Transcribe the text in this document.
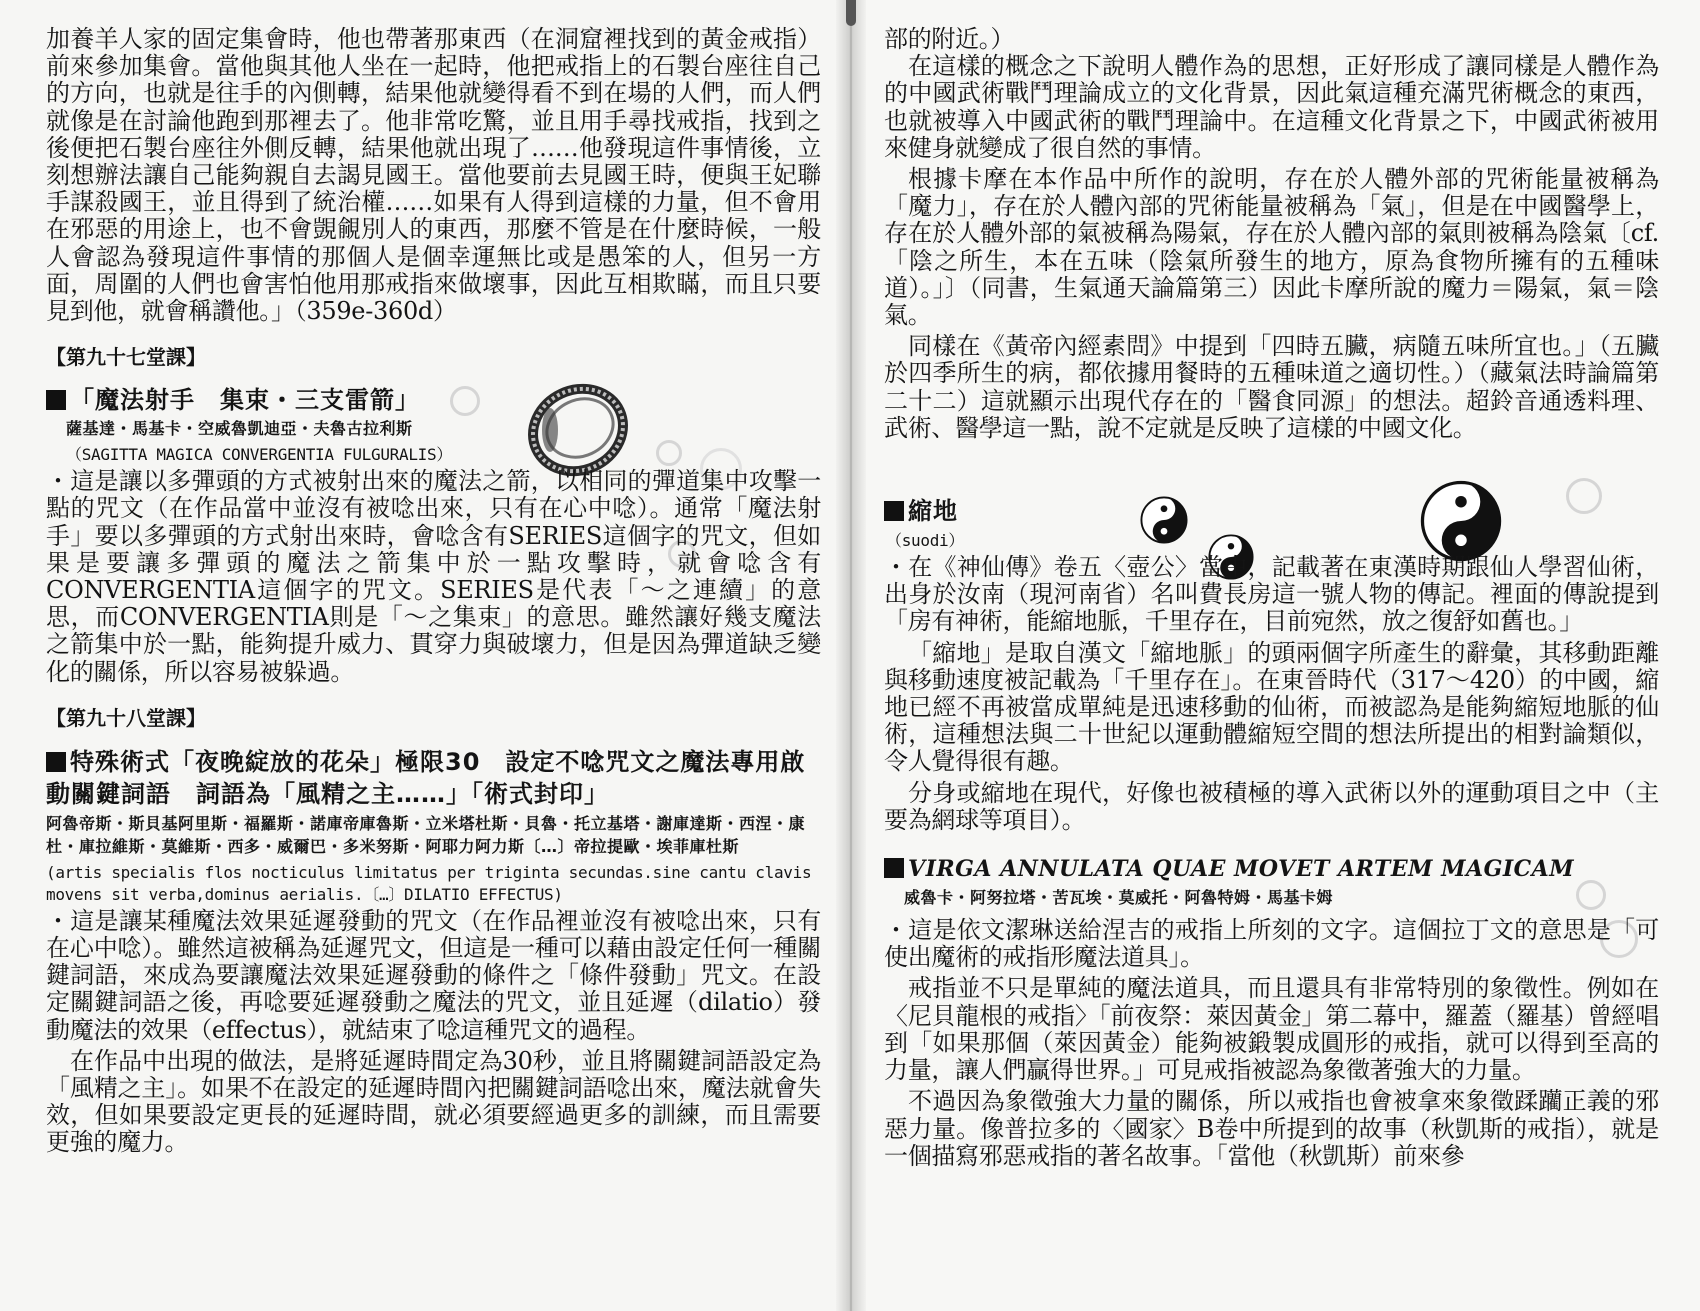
加養羊人家的固定集會時，他也帶著那東西（在洞窟裡找到的黃金戒指）前來參加集會。當他與其他人坐在一起時，他把戒指上的石製台座往自己的方向，也就是往手的內側轉，結果他就變得看不到在場的人們，而人們就像是在討論他跑到那裡去了。他非常吃驚，並且用手尋找戒指，找到之後便把石製台座往外側反轉，結果他就出現了……他發現這件事情後，立刻想辦法讓自己能夠親自去謁見國王。當他要前去見國王時，便與王妃聯手謀殺國王，並且得到了統治權……如果有人得到這樣的力量，但不會用在邪惡的用途上，也不會覬覦別人的東西，那麼不管是在什麼時候，一般人會認為發現這件事情的那個人是個幸運無比或是愚笨的人，但另一方面，周圍的人們也會害怕他用那戒指來做壞事，因此互相欺瞞，而且只要見到他，就會稱讚他。」（359e-360d）

【第九十七堂課】
「魔法射手　集束・三支雷箭」
薩基達・馬基卡・空威魯凱迪亞・夫魯古拉利斯
（SAGITTA MAGICA CONVERGENTIA FULGURALIS）

・這是讓以多彈頭的方式被射出來的魔法之箭，以相同的彈道集中攻擊一點的咒文（在作品當中並沒有被唸出來，只有在心中唸）。通常「魔法射手」要以多彈頭的方式射出來時，會唸含有SERIES這個字的咒文，但如果是要讓多彈頭的魔法之箭集中於一點攻擊時，就會唸含有CONVERGENTIA這個字的咒文。SERIES是代表「～之連續」的意思，而CONVERGENTIA則是「～之集束」的意思。雖然讓好幾支魔法之箭集中於一點，能夠提升威力、貫穿力與破壞力，但是因為彈道缺乏變化的關係，所以容易被躲過。

【第九十八堂課】
特殊術式「夜晚綻放的花朵」極限30　設定不唸咒文之魔法專用啟動關鍵詞語　詞語為「風精之主……」「術式封印」
阿魯帝斯・斯貝基阿里斯・福羅斯・諾庫帝庫魯斯・立米塔杜斯・貝魯・托立基塔・謝庫達斯・西涅・康杜・庫拉維斯・莫維斯・西多・威爾巴・多米努斯・阿耶力阿力斯〔…〕帝拉提歐・埃菲庫杜斯
(artis specialis flos nocticulus limitatus per triginta secundas.sine cantu clavis movens sit verba,dominus aerialis.〔…〕DILATIO EFFECTUS)

・這是讓某種魔法效果延遲發動的咒文（在作品裡並沒有被唸出來，只有在心中唸）。雖然這被稱為延遲咒文，但這是一種可以藉由設定任何一種關鍵詞語，來成為要讓魔法效果延遲發動的條件之「條件發動」咒文。在設定關鍵詞語之後，再唸要延遲發動之魔法的咒文，並且延遲（dilatio）發動魔法的效果（effectus），就結束了唸這種咒文的過程。

在作品中出現的做法，是將延遲時間定為30秒，並且將關鍵詞語設定為「風精之主」。如果不在設定的延遲時間內把關鍵詞語唸出來，魔法就會失效，但如果要設定更長的延遲時間，就必須要經過更多的訓練，而且需要更強的魔力。

部的附近。）

在這樣的概念之下說明人體作為的思想，正好形成了讓同樣是人體作為的中國武術戰鬥理論成立的文化背景，因此氣這種充滿咒術概念的東西，也就被導入中國武術的戰鬥理論中。在這種文化背景之下，中國武術被用來健身就變成了很自然的事情。

根據卡摩在本作品中所作的說明，存在於人體外部的咒術能量被稱為「魔力」，存在於人體內部的咒術能量被稱為「氣」，但是在中國醫學上，存在於人體外部的氣被稱為陽氣，存在於人體內部的氣則被稱為陰氣〔cf.「陰之所生，本在五味（陰氣所發生的地方，原為食物所擁有的五種味道）。」〕（同書，生氣通天論篇第三）因此卡摩所說的魔力＝陽氣，氣＝陰氣。

同樣在《黃帝內經素問》中提到「四時五臟，病隨五味所宜也。」（五臟於四季所生的病，都依據用餐時的五種味道之適切性。）（藏氣法時論篇第二十二）這就顯示出現代存在的「醫食同源」的想法。超鈴音通透料理、武術、醫學這一點，說不定就是反映了這樣的中國文化。

縮地
（suodi）

・在《神仙傳》卷五〈壺公〉當中，記載著在東漢時期跟仙人學習仙術，出身於汝南（現河南省）名叫費長房這一號人物的傳記。裡面的傳說提到「房有神術，能縮地脈，千里存在，目前宛然，放之復舒如舊也。」

「縮地」是取自漢文「縮地脈」的頭兩個字所產生的辭彙，其移動距離與移動速度被記載為「千里存在」。在東晉時代（317～420）的中國，縮地已經不再被當成單純是迅速移動的仙術，而被認為是能夠縮短地脈的仙術，這種想法與二十世紀以運動體縮短空間的想法所提出的相對論類似，令人覺得很有趣。

分身或縮地在現代，好像也被積極的導入武術以外的運動項目之中（主要為網球等項目）。

VIRGA ANNULATA QUAE MOVET ARTEM MAGICAM
威魯卡・阿努拉塔・苦瓦埃・莫威托・阿魯特姆・馬基卡姆

・這是依文潔琳送給涅吉的戒指上所刻的文字。這個拉丁文的意思是「可使出魔術的戒指形魔法道具」。

戒指並不只是單純的魔法道具，而且還具有非常特別的象徵性。例如在〈尼貝龍根的戒指〉「前夜祭：萊因黃金」第二幕中，羅蓋（羅基）曾經唱到「如果那個（萊因黃金）能夠被鍛製成圓形的戒指，就可以得到至高的力量，讓人們贏得世界。」可見戒指被認為象徵著強大的力量。

不過因為象徵強大力量的關係，所以戒指也會被拿來象徵蹂躪正義的邪惡力量。像普拉多的〈國家〉B卷中所提到的故事（秋凱斯的戒指），就是一個描寫邪惡戒指的著名故事。「當他（秋凱斯）前來參
